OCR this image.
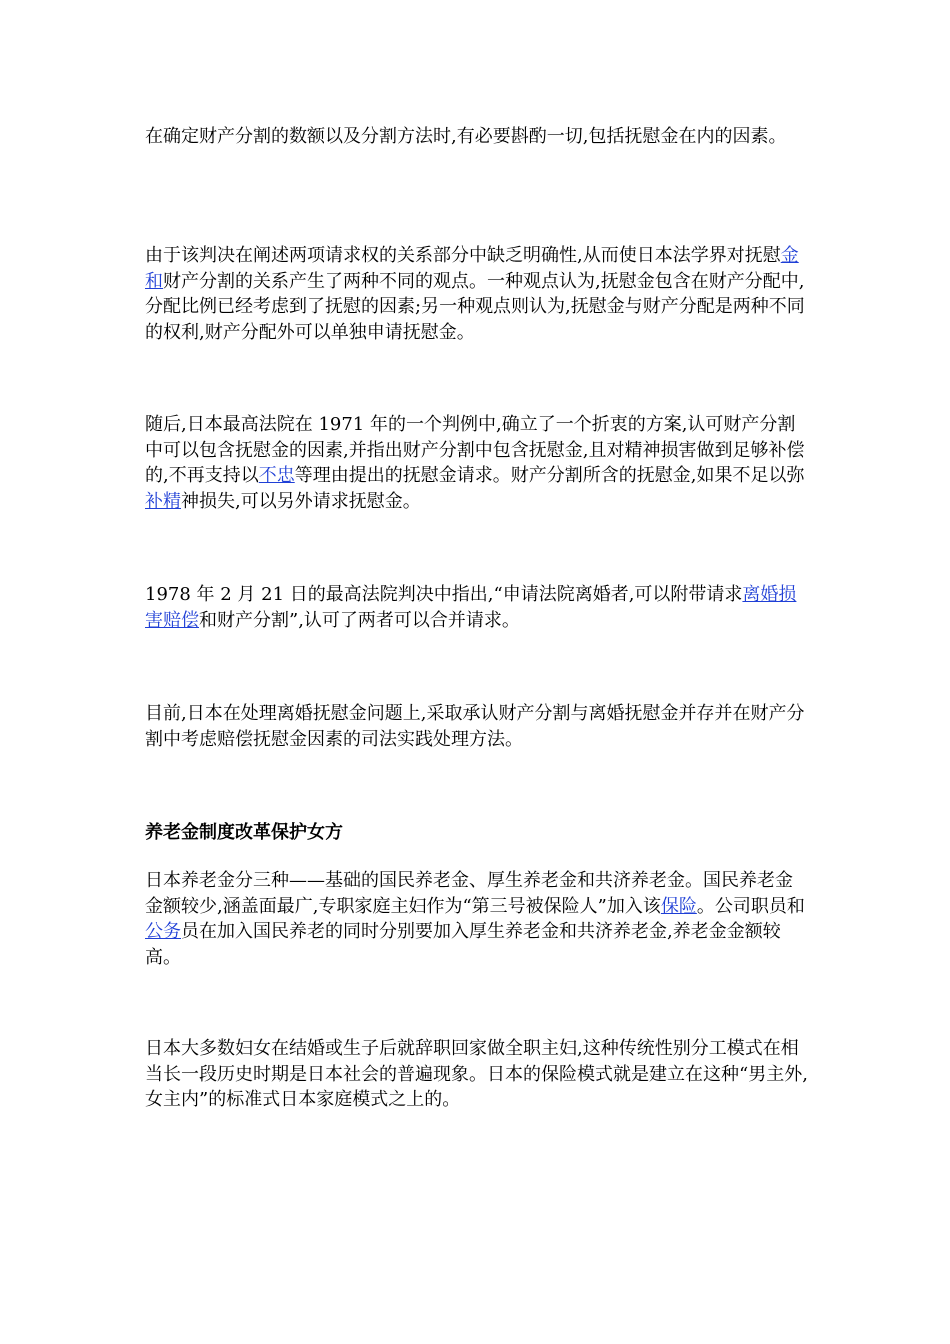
在确定财产分割的数额以及分割方法时,有必要斟酌一切,包括抚慰金在内的因素。

由于该判决在阐述两项请求权的关系部分中缺乏明确性,从而使日本法学界对抚慰金和财产分割的关系产生了两种不同的观点。一种观点认为,抚慰金包含在财产分配中,分配比例已经考虑到了抚慰的因素;另一种观点则认为,抚慰金与财产分配是两种不同的权利,财产分配外可以单独申请抚慰金。

随后,日本最高法院在 1971 年的一个判例中,确立了一个折衷的方案,认可财产分割中可以包含抚慰金的因素,并指出财产分割中包含抚慰金,且对精神损害做到足够补偿的,不再支持以不忠等理由提出的抚慰金请求。财产分割所含的抚慰金,如果不足以弥补精神损失,可以另外请求抚慰金。

1978 年 2 月 21 日的最高法院判决中指出,“申请法院离婚者,可以附带请求离婚损害赔偿和财产分割”,认可了两者可以合并请求。

目前,日本在处理离婚抚慰金问题上,采取承认财产分割与离婚抚慰金并存并在财产分割中考虑赔偿抚慰金因素的司法实践处理方法。

养老金制度改革保护女方

日本养老金分三种——基础的国民养老金、厚生养老金和共济养老金。国民养老金金额较少,涵盖面最广,专职家庭主妇作为“第三号被保险人”加入该保险。公司职员和公务员在加入国民养老的同时分别要加入厚生养老金和共济养老金,养老金金额较高。

日本大多数妇女在结婚或生子后就辞职回家做全职主妇,这种传统性别分工模式在相当长一段历史时期是日本社会的普遍现象。日本的保险模式就是建立在这种“男主外,女主内”的标准式日本家庭模式之上的。
